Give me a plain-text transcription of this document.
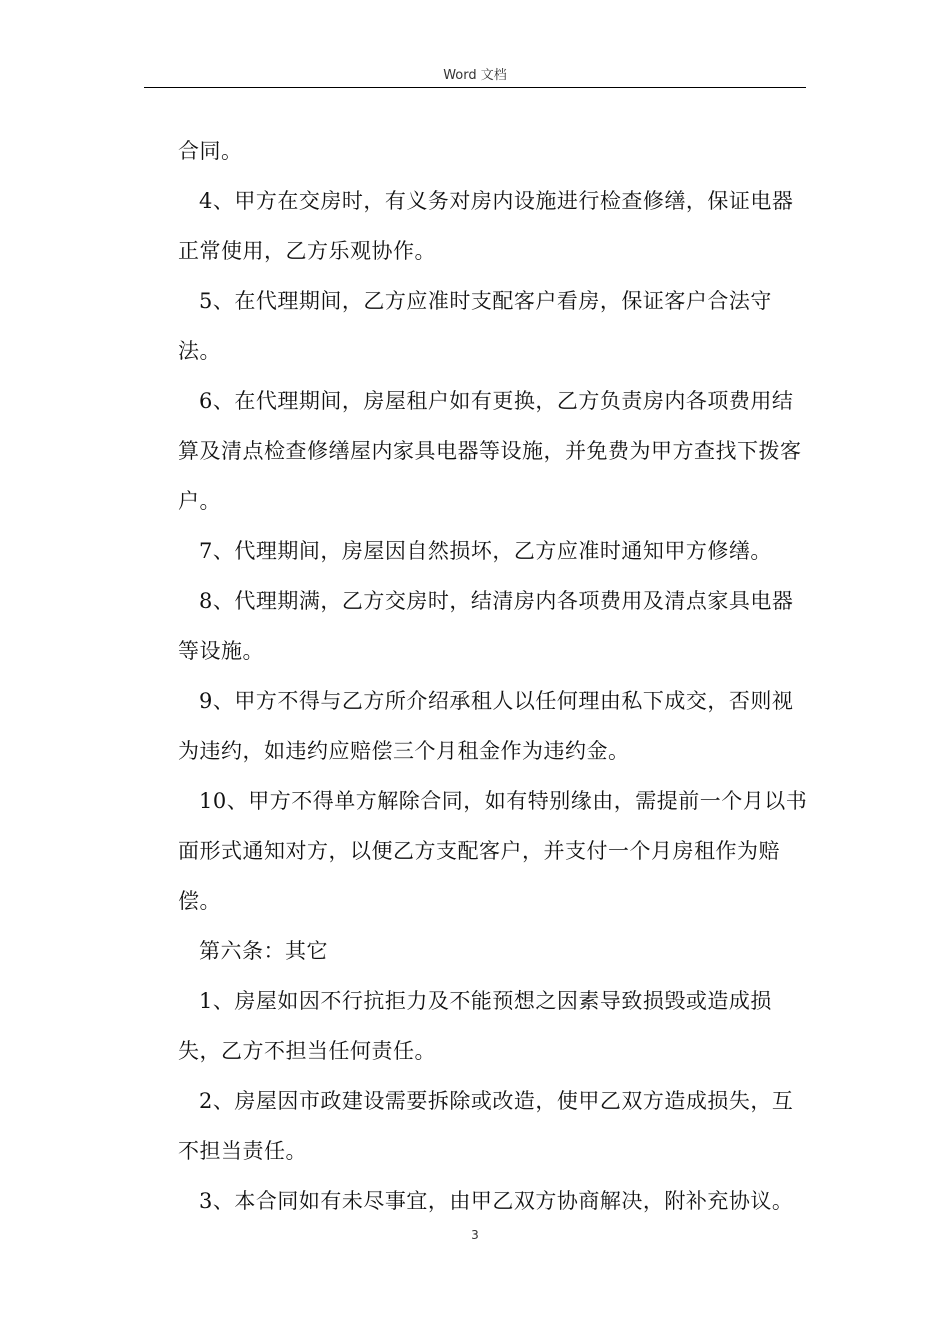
Word 文档

合同。

4、甲方在交房时，有义务对房内设施进行检查修缮，保证电器正常使用，乙方乐观协作。

5、在代理期间，乙方应准时支配客户看房，保证客户合法守法。

6、在代理期间，房屋租户如有更换，乙方负责房内各项费用结算及清点检查修缮屋内家具电器等设施，并免费为甲方查找下拨客户。

7、代理期间，房屋因自然损坏，乙方应准时通知甲方修缮。

8、代理期满，乙方交房时，结清房内各项费用及清点家具电器等设施。

9、甲方不得与乙方所介绍承租人以任何理由私下成交，否则视为违约，如违约应赔偿三个月租金作为违约金。

10、甲方不得单方解除合同，如有特别缘由，需提前一个月以书面形式通知对方，以便乙方支配客户，并支付一个月房租作为赔偿。

第六条：其它

1、房屋如因不行抗拒力及不能预想之因素导致损毁或造成损失，乙方不担当任何责任。

2、房屋因市政建设需要拆除或改造，使甲乙双方造成损失，互不担当责任。

3、本合同如有未尽事宜，由甲乙双方协商解决，附补充协议。

3
